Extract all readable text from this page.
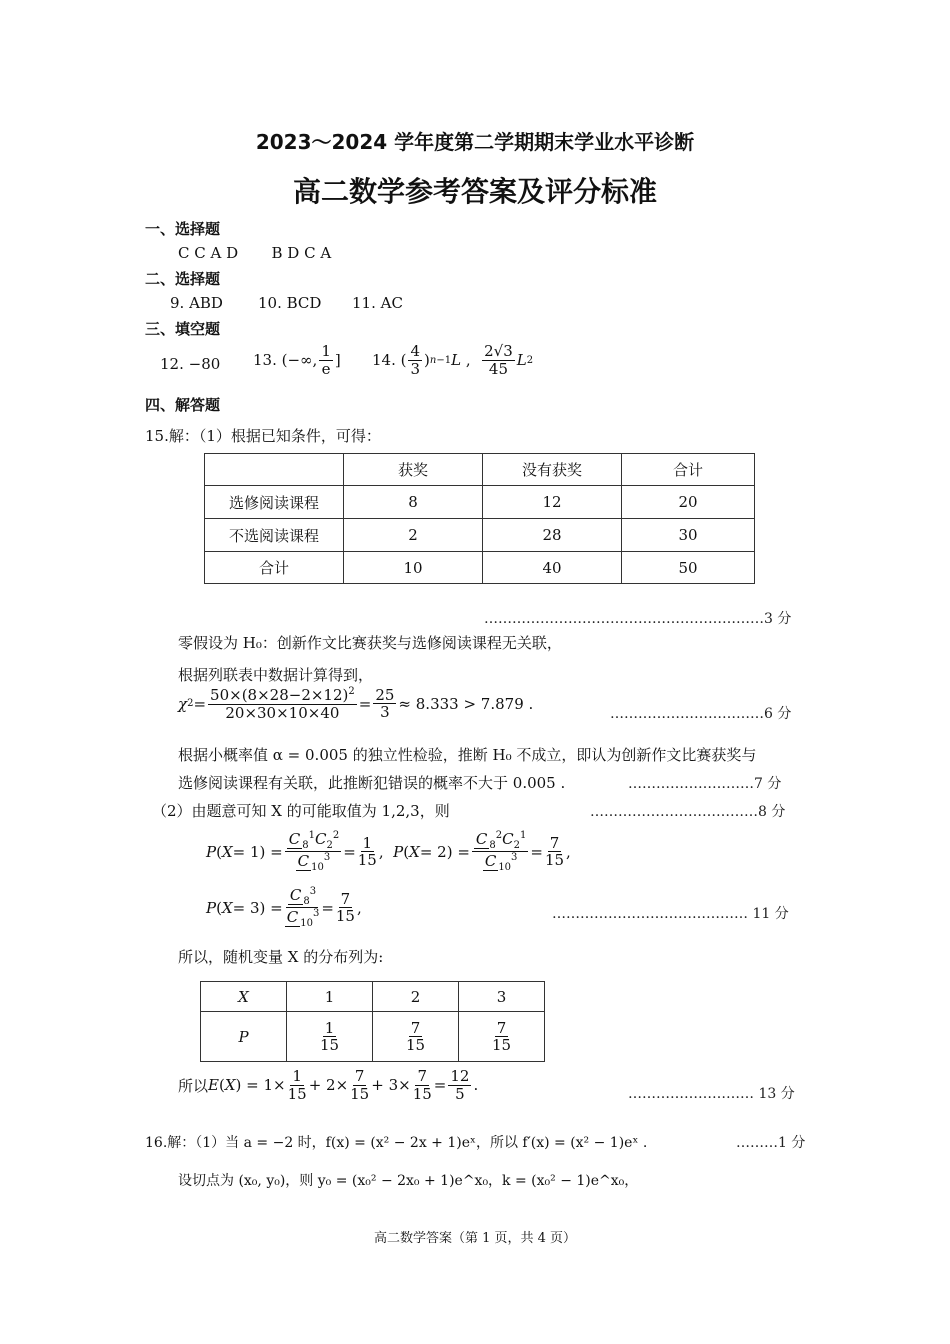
2023～2024 学年度第二学期期末学业水平诊断
高二数学参考答案及评分标准
一、选择题
C C A D       B D C A
二、选择题
9. ABD 10. BCD 11. AC
三、填空题
12. −80 13. (−∞, $\frac{1}{e}$ ] 14. ( $\frac{4}{3}$ ) n −1 L , $\frac{2√3}{45}$ L 2
四、解答题
15.解：（1）根据已知条件，可得：
	获奖	没有获奖	合计
选修阅读课程	8	12	20
不选阅读课程	2	28	30
合计	10	40	50
……………………………………………………3 分
零假设为 H₀：创新作文比赛获奖与选修阅读课程无关联，
根据列联表中数据计算得到，
χ $2 = \frac{50\times(8\times 28-2\times 12)^2}{20\times 30\times 10\times 40} = \frac{25}{3} \approx 8.333 > 7.879$ .
……………………………6 分
根据小概率值 α = 0.005 的独立性检验，推断 H₀ 不成立，即认为创新作文比赛获奖与
选修阅读课程有关联，此推断犯错误的概率不大于 0.005 .	………………………7 分
（2）由题意可知 X 的可能取值为 1,2,3，则	………………………………8 分
P ( $X = 1) = \frac{C _8^1C_2^2}{C _{10}^3} = \frac{1}{15}$ , P ( $X = 2) = \frac{C _8^2C_2^1}{C _{10}^3} = \frac{7}{15}$ ,
P ( $X = 3) = \frac{C _8^3}{C _{10}^3} = \frac{7}{15}$ ,	…………………………………… 11 分
所以，随机变量 X 的分布列为:
X	1	2	3
P	$\frac{1}{15}$	$\frac{7}{15}$	$\frac{7}{15}$
所以 E ( X ) = $1\times \frac{1}{15} + 2\times \frac{7}{15} + 3\times \frac{7}{15} = \frac{12}{5}$ .	……………………… 13 分
16.解：（1）当 a = −2 时，f(x) = (x² − 2x + 1)eˣ，所以 f′(x) = (x² − 1)eˣ .	………1 分
设切点为 (x₀, y₀)，则 y₀ = (x₀² − 2x₀ + 1)e^x₀，k = (x₀² − 1)e^x₀，
高二数学答案（第 1 页，共 4 页）
